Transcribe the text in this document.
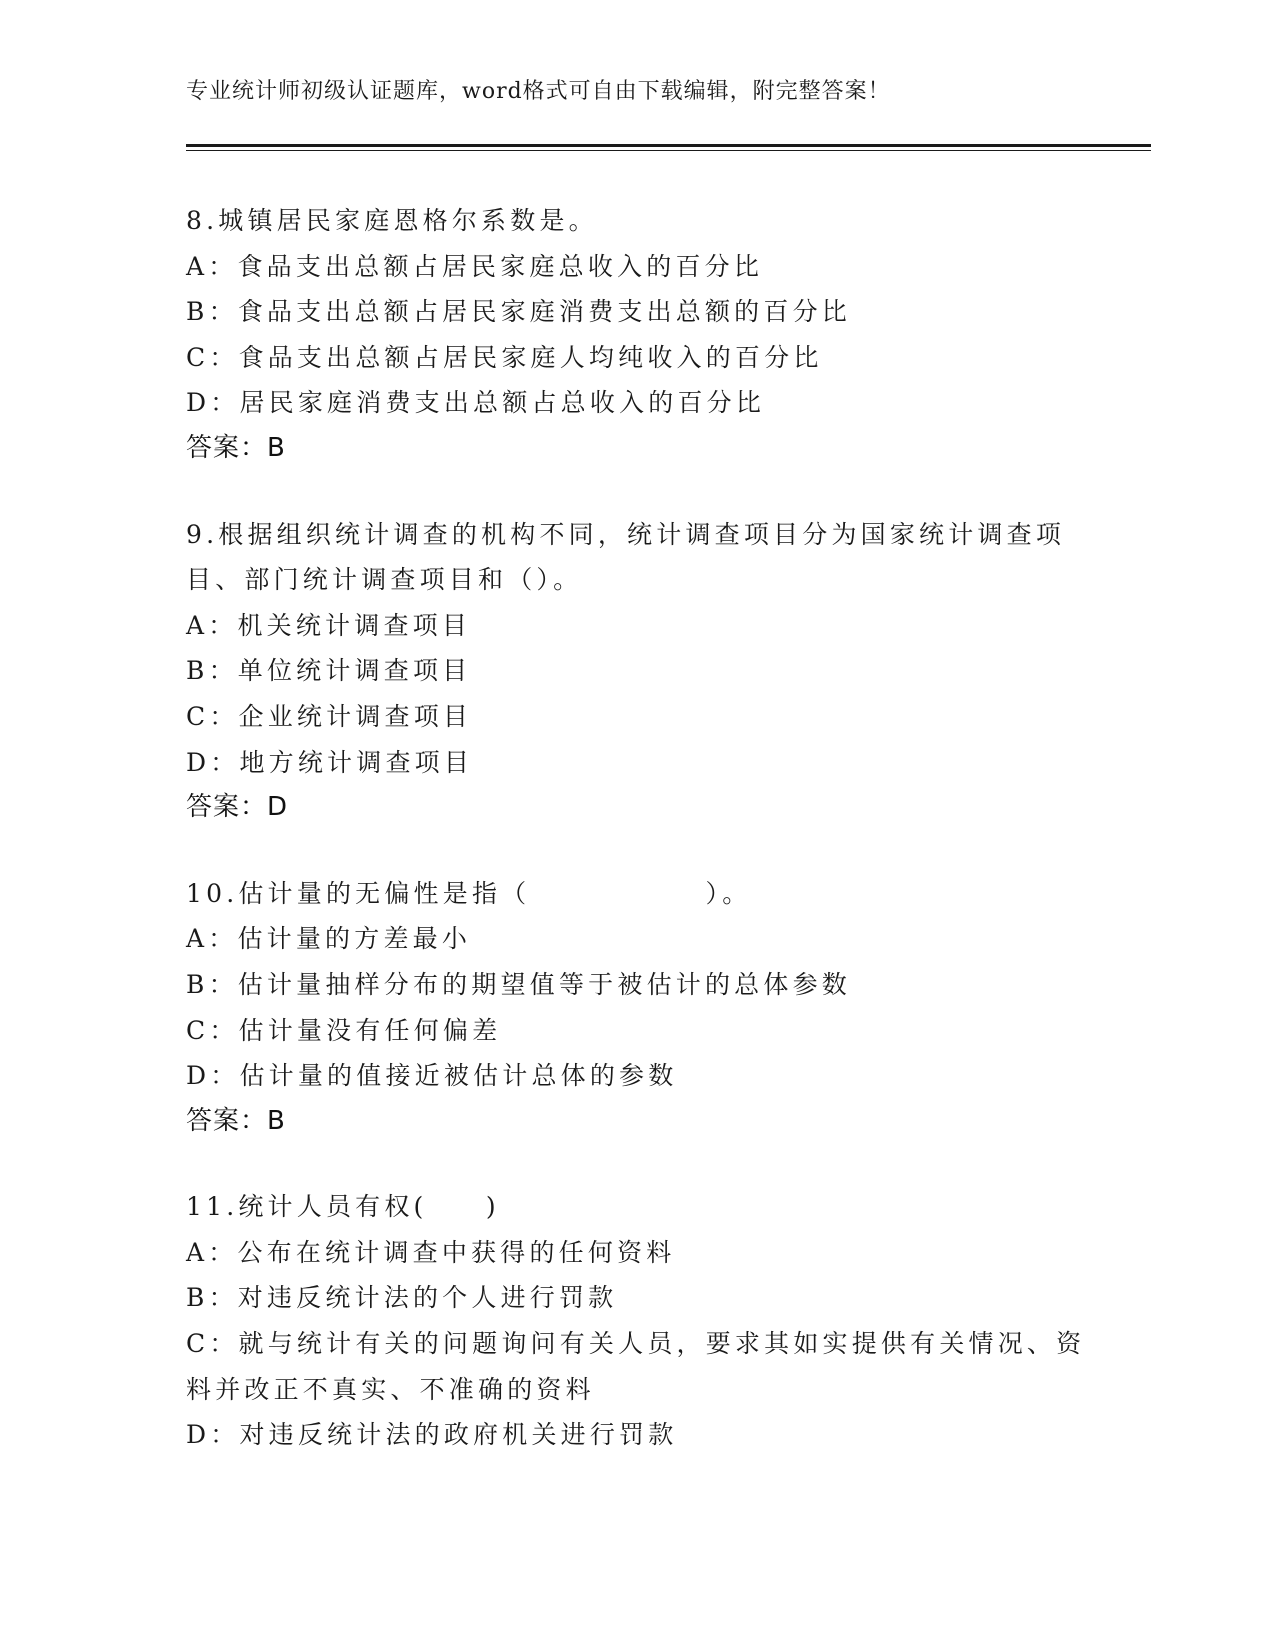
专业统计师初级认证题库，word格式可自由下载编辑，附完整答案！
8.城镇居民家庭恩格尔系数是。
A：食品支出总额占居民家庭总收入的百分比
B：食品支出总额占居民家庭消费支出总额的百分比
C：食品支出总额占居民家庭人均纯收入的百分比
D：居民家庭消费支出总额占总收入的百分比
答案：B
9.根据组织统计调查的机构不同，统计调查项目分为国家统计调查项
目、部门统计调查项目和（）。
A：机关统计调查项目
B：单位统计调查项目
C：企业统计调查项目
D：地方统计调查项目
答案：D
10.估计量的无偏性是指（　　　　　　）。
A：估计量的方差最小
B：估计量抽样分布的期望值等于被估计的总体参数
C：估计量没有任何偏差
D：估计量的值接近被估计总体的参数
答案：B
11.统计人员有权(　　)
A：公布在统计调查中获得的任何资料
B：对违反统计法的个人进行罚款
C：就与统计有关的问题询问有关人员，要求其如实提供有关情况、资
料并改正不真实、不准确的资料
D：对违反统计法的政府机关进行罚款
